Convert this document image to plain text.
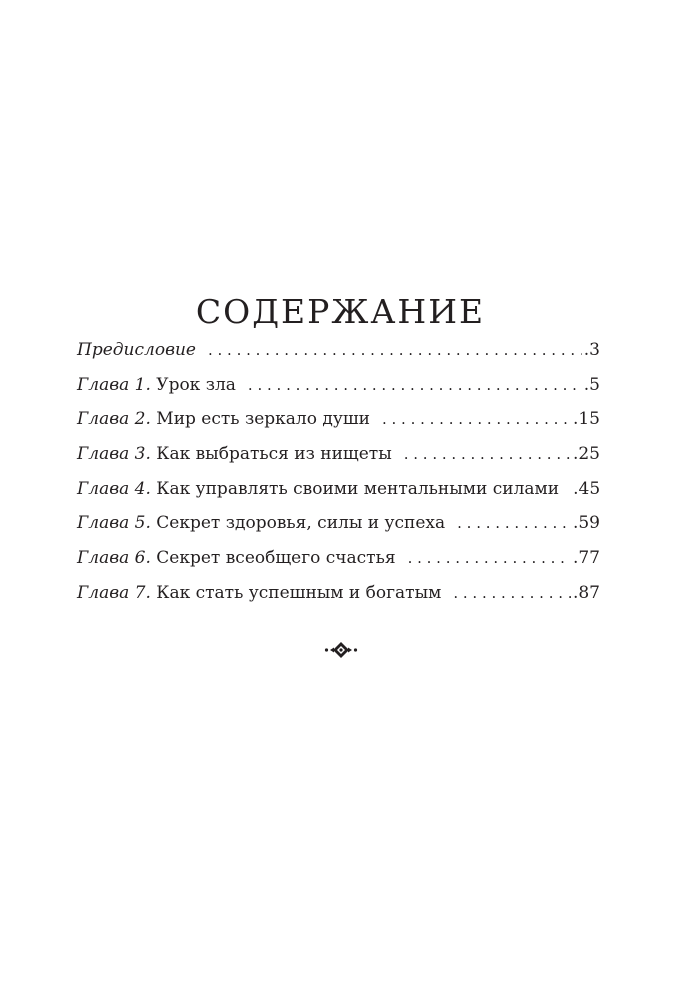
СОДЕРЖАНИЕ
Предисловие . . .	.3
Глава 1. Урок зла . . .	.5
Глава 2. Мир есть зеркало души . . .	.15
Глава 3. Как выбраться из нищеты . . .	.25
Глава 4. Как управлять своими ментальными силами .45
Глава 5. Секрет здоровья, силы и успеха . . .	.59
Глава 6. Секрет всеобщего счастья . . .	.77
Глава 7. Как стать успешным и богатым . . .	.87
